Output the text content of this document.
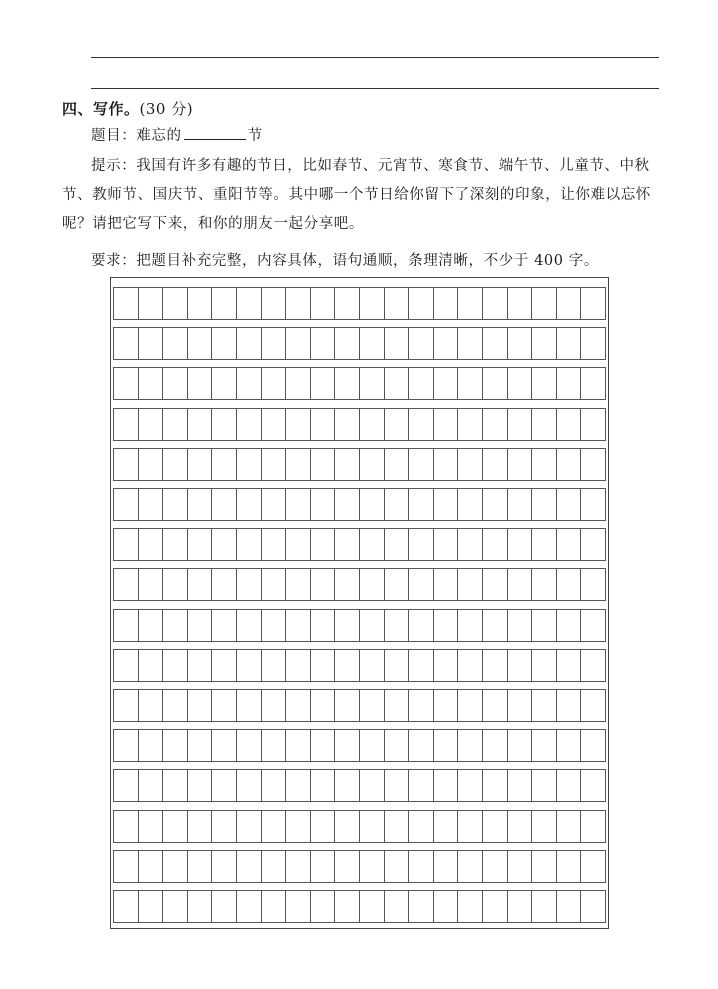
四、写作。(30 分)
题目：难忘的	节
提示：我国有许多有趣的节日，比如春节、元宵节、寒食节、端午节、儿童节、中秋节、教师节、国庆节、重阳节等。其中哪一个节日给你留下了深刻的印象，让你难以忘怀呢？请把它写下来，和你的朋友一起分享吧。
要求：把题目补充完整，内容具体，语句通顺，条理清晰，不少于 400 字。
